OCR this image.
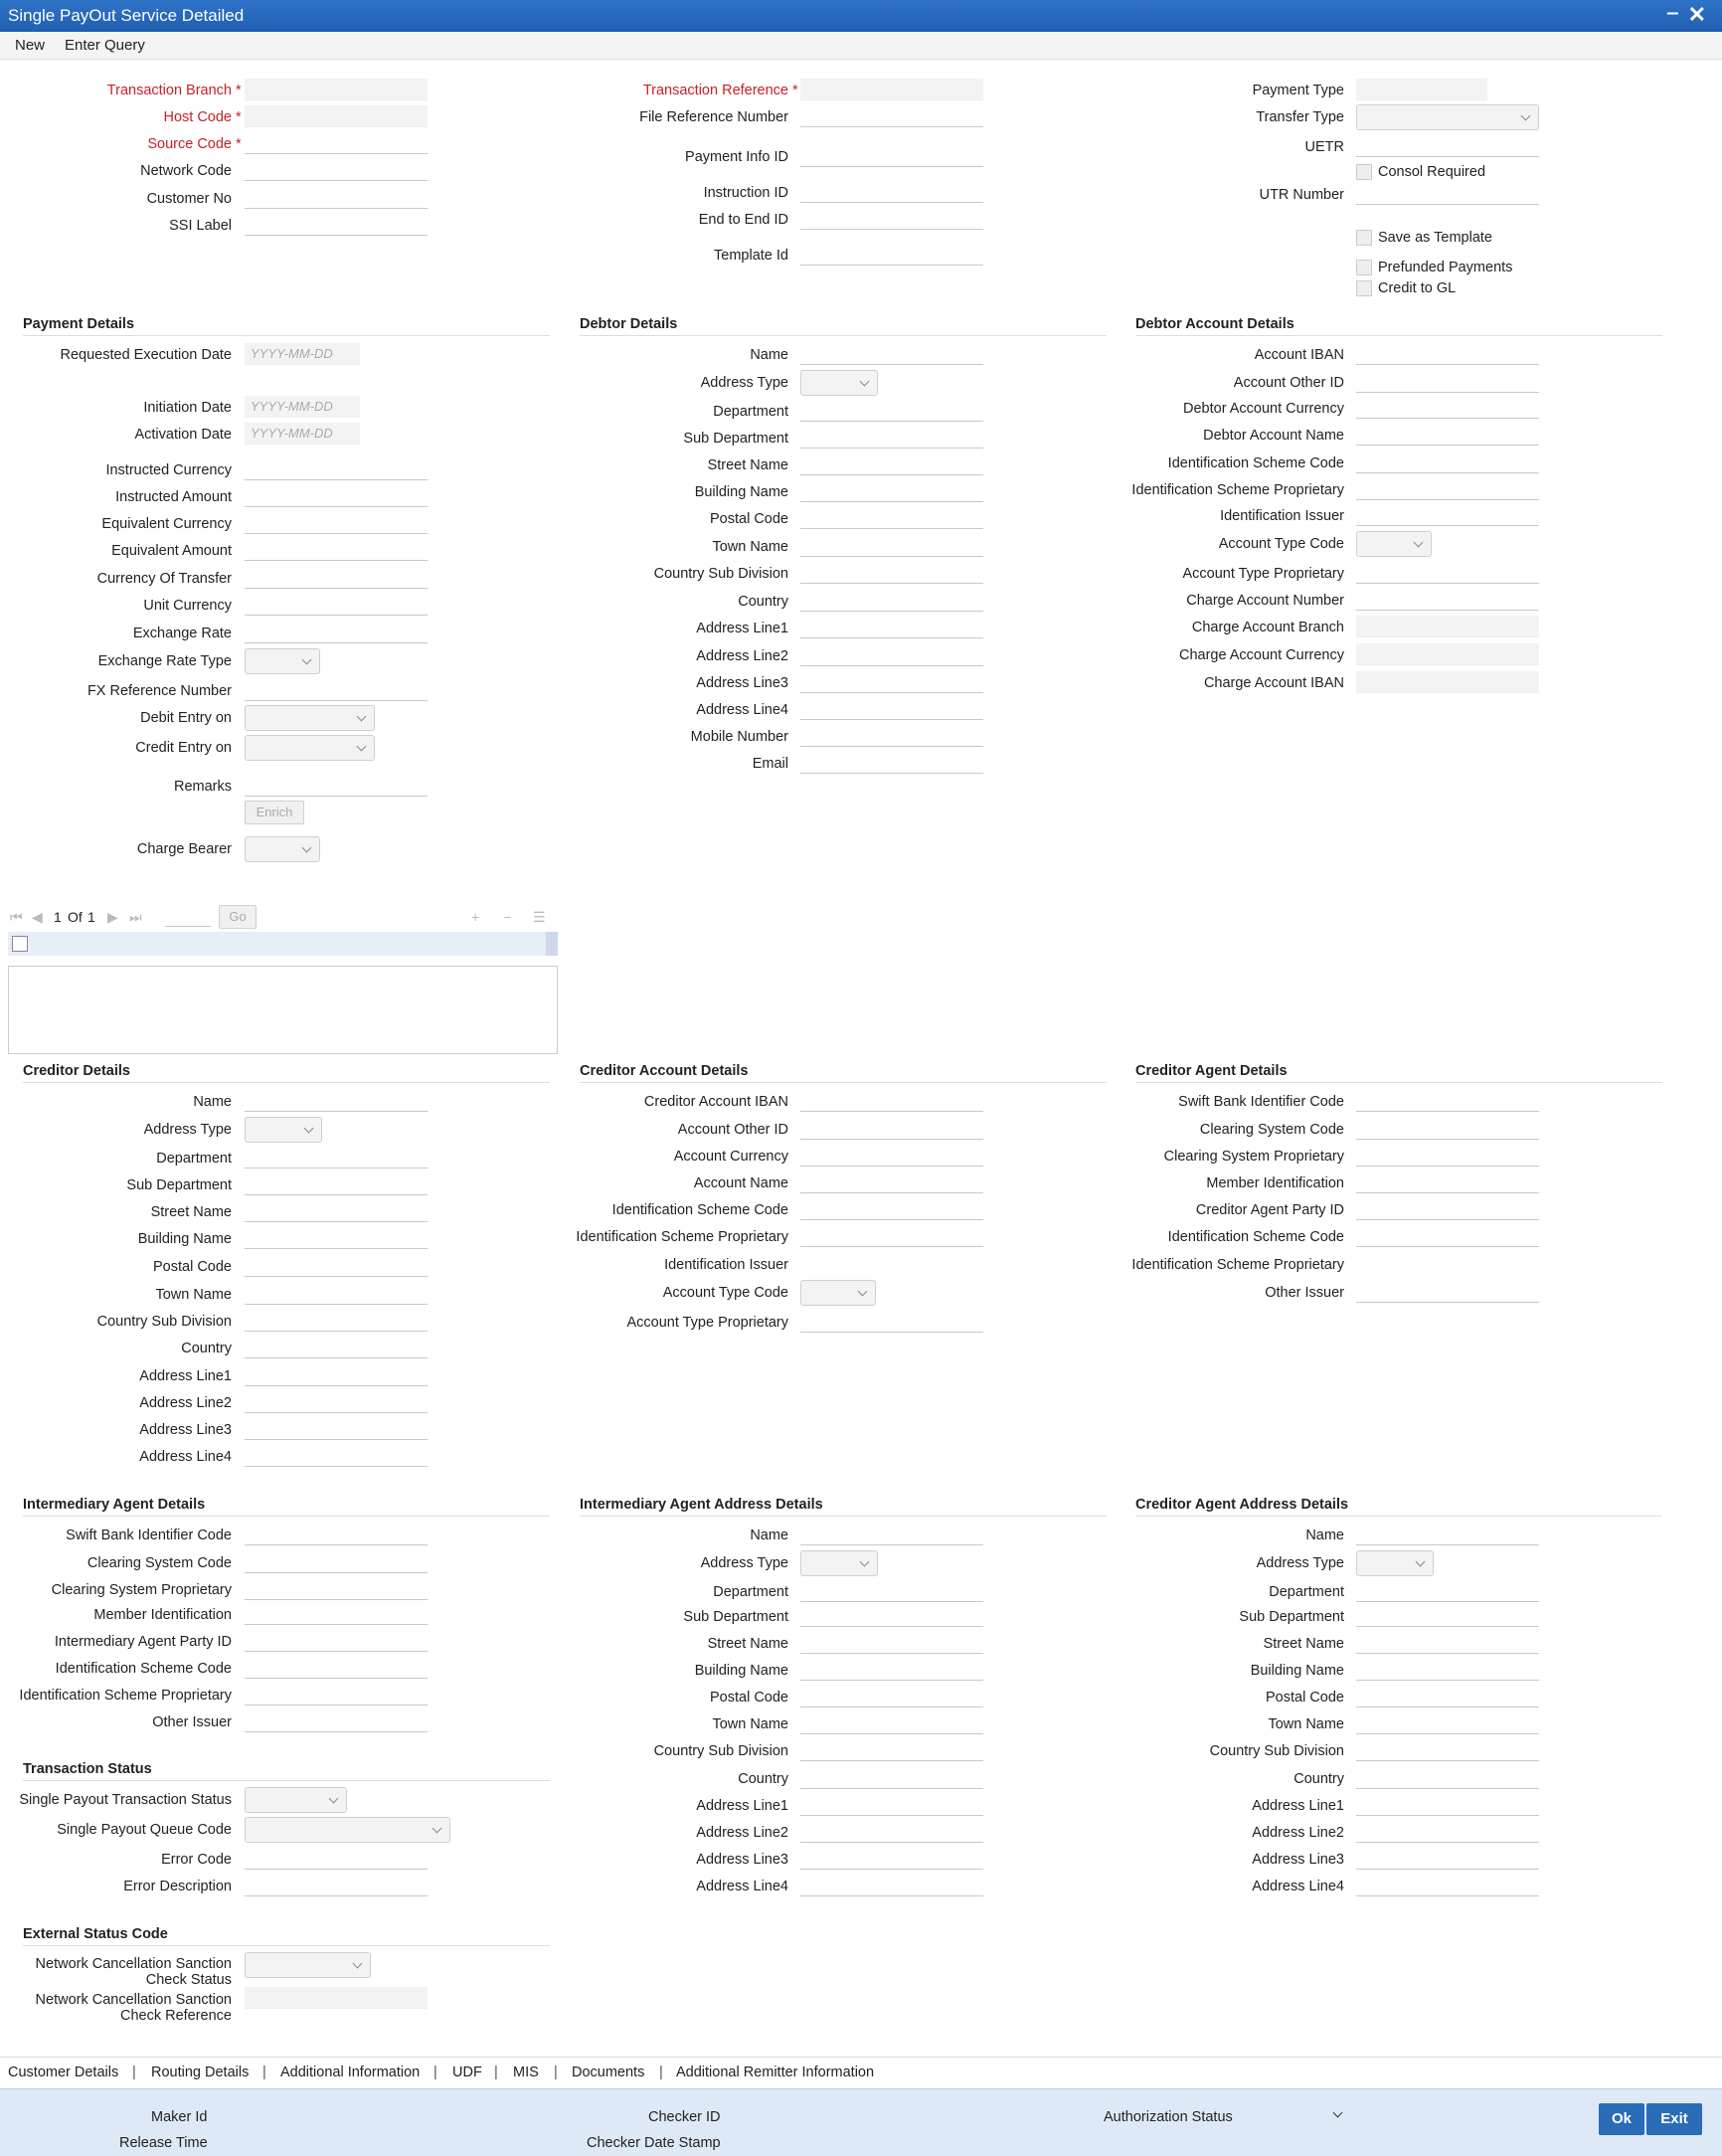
Single PayOut Service Detailed	‒ ✕
New Enter Query
Transaction Branch *
Host Code *
Source Code *
Network Code
Customer No
SSI Label
Transaction Reference *
File Reference Number
Payment Info ID
Instruction ID
End to End ID
Template Id
Payment Type
Transfer Type
UETR
Consol Required
UTR Number
Save as Template
Prefunded Payments
Credit to GL
Payment Details
Requested Execution Date	YYYY-MM-DD
Initiation Date	YYYY-MM-DD
Activation Date	YYYY-MM-DD
Instructed Currency
Instructed Amount
Equivalent Currency
Equivalent Amount
Currency Of Transfer
Unit Currency
Exchange Rate
Exchange Rate Type
FX Reference Number
Debit Entry on
Credit Entry on
Remarks
Enrich
Charge Bearer
Debtor Details
Name
Address Type
Department
Sub Department
Street Name
Building Name
Postal Code
Town Name
Country Sub Division
Country
Address Line1
Address Line2
Address Line3
Address Line4
Mobile Number
Email
Debtor Account Details
Account IBAN
Account Other ID
Debtor Account Currency
Debtor Account Name
Identification Scheme Code
Identification Scheme Proprietary
Identification Issuer
Account Type Code
Account Type Proprietary
Charge Account Number
Charge Account Branch
Charge Account Currency
Charge Account IBAN
Creditor Details
Name
Address Type
Department
Sub Department
Street Name
Building Name
Postal Code
Town Name
Country Sub Division
Country
Address Line1
Address Line2
Address Line3
Address Line4
Creditor Account Details
Creditor Account IBAN
Account Other ID
Account Currency
Account Name
Identification Scheme Code
Identification Scheme Proprietary
Identification Issuer
Account Type Code
Account Type Proprietary
Creditor Agent Details
Swift Bank Identifier Code
Clearing System Code
Clearing System Proprietary
Member Identification
Creditor Agent Party ID
Identification Scheme Code
Identification Scheme Proprietary
Other Issuer
Intermediary Agent Details
Swift Bank Identifier Code
Clearing System Code
Clearing System Proprietary
Member Identification
Intermediary Agent Party ID
Identification Scheme Code
Identification Scheme Proprietary
Other Issuer
Intermediary Agent Address Details
Name
Address Type
Department
Sub Department
Street Name
Building Name
Postal Code
Town Name
Country Sub Division
Country
Address Line1
Address Line2
Address Line3
Address Line4
Creditor Agent Address Details
Name
Address Type
Department
Sub Department
Street Name
Building Name
Postal Code
Town Name
Country Sub Division
Country
Address Line1
Address Line2
Address Line3
Address Line4
Transaction Status
Single Payout Transaction Status
Single Payout Queue Code
Error Code
Error Description
External Status Code
Network Cancellation Sanction Check Status
Network Cancellation Sanction Check Reference
⏮ ◀ 1 Of 1 ▶ ⏭	Go	+ − ☰
Customer Details | Routing Details | Additional Information | UDF | MIS | Documents | Additional Remitter Information
Maker Id
Release Time
Checker ID
Checker Date Stamp
Authorization Status	Ok	Exit
